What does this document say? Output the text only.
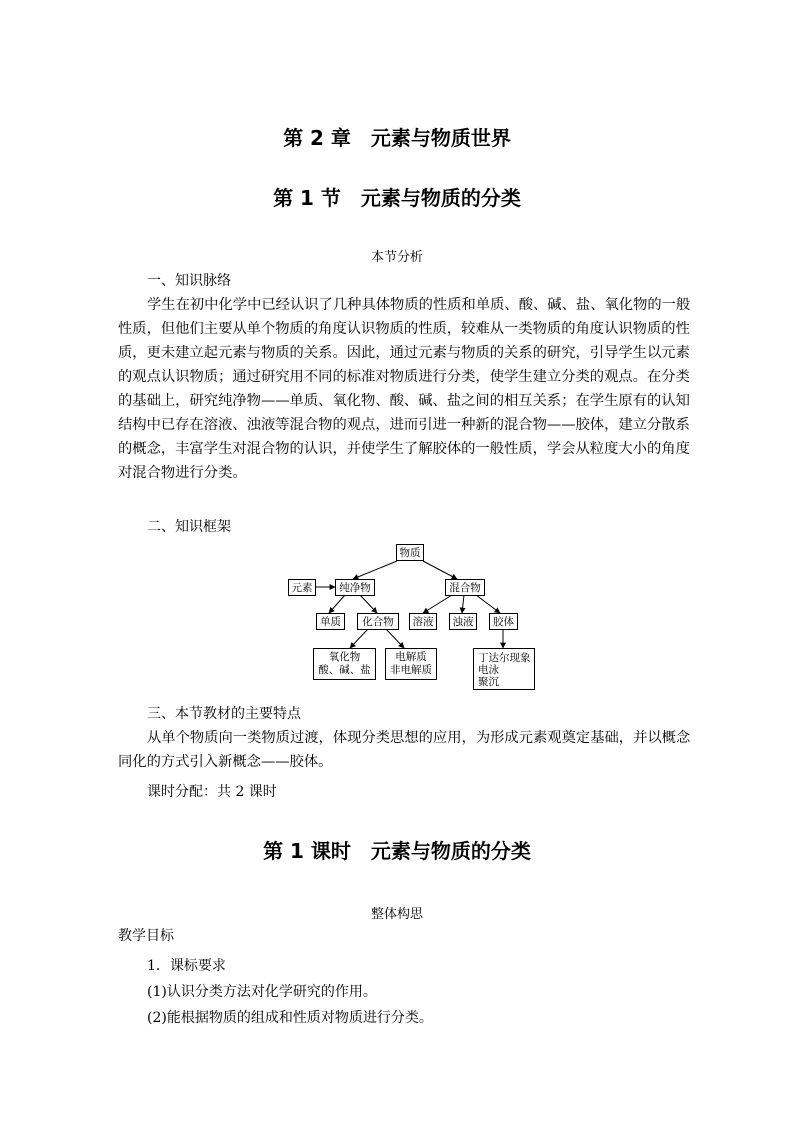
第 2 章　元素与物质世界
第 1 节　元素与物质的分类
本节分析
一、知识脉络
学生在初中化学中已经认识了几种具体物质的性质和单质、酸、碱、盐、氧化物的一般
性质，但他们主要从单个物质的角度认识物质的性质，较难从一类物质的角度认识物质的性
质，更未建立起元素与物质的关系。因此，通过元素与物质的关系的研究，引导学生以元素
的观点认识物质；通过研究用不同的标准对物质进行分类，使学生建立分类的观点。在分类
的基础上，研究纯净物——单质、氧化物、酸、碱、盐之间的相互关系；在学生原有的认知
结构中已存在溶液、浊液等混合物的观点，进而引进一种新的混合物——胶体，建立分散系
的概念，丰富学生对混合物的认识，并使学生了解胶体的一般性质，学会从粒度大小的角度
对混合物进行分类。
二、知识框架
物质
元素	纯净物	混合物
单质	化合物	溶液	浊液	胶体
氧化物
酸、碱、盐
电解质
非电解质
丁达尔现象
电泳
聚沉
三、本节教材的主要特点
从单个物质向一类物质过渡，体现分类思想的应用，为形成元素观奠定基础，并以概念
同化的方式引入新概念——胶体。
课时分配：共 2 课时
第 1 课时　元素与物质的分类
整体构思
教学目标
1．课标要求
(1)认识分类方法对化学研究的作用。
(2)能根据物质的组成和性质对物质进行分类。
